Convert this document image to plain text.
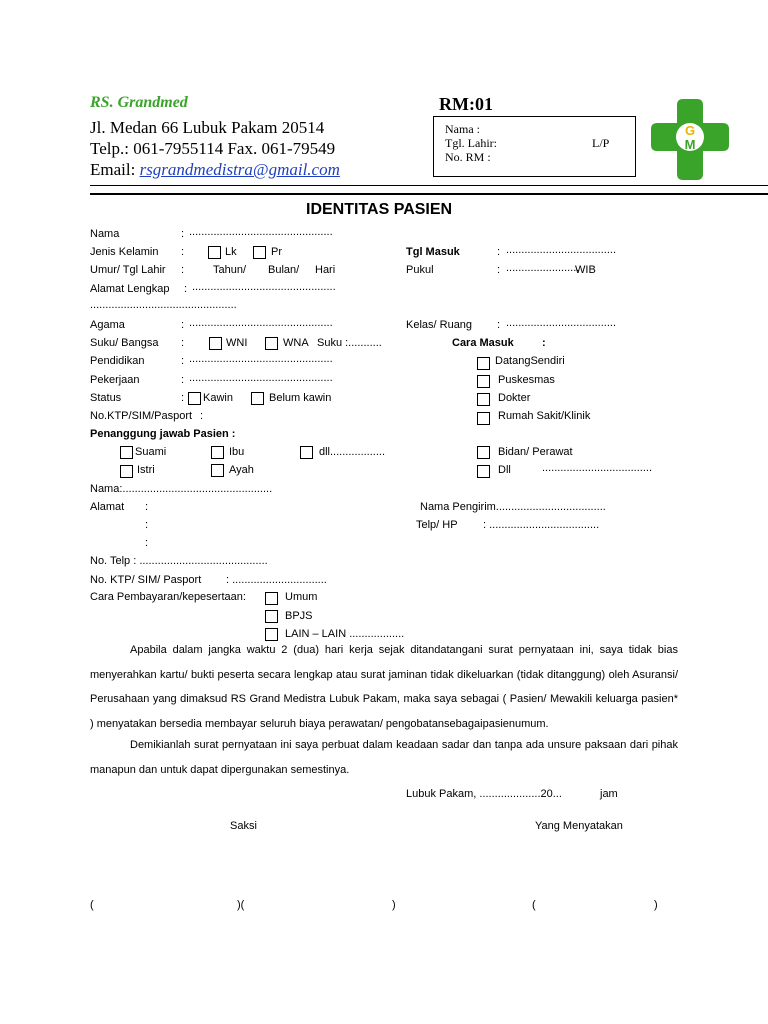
RS. Grandmed
Jl. Medan 66 Lubuk Pakam 20514
Telp.: 061-7955114 Fax. 061-79549
Email: rsgrandmedistra@gmail.com
RM:01
Nama :
Tgl. Lahir:	L/P
No. RM :
G
M
IDENTITAS PASIEN
Nama	: ...............................................
Jenis Kelamin :	Lk	Pr
Umur/ Tgl Lahir :	Tahun/ Bulan/ Hari
Alamat Lengkap : ...............................................
................................................
Agama	: ...............................................
Suku/ Bangsa :	WNI	WNA Suku :...........
Pendidikan	: ...............................................
Pekerjaan	: ...............................................
Status	: Kawin	Belum kawin
No.KTP/SIM/Pasport :
Tgl Masuk	: ....................................
Pukul	: ........................
WIB
Kelas/ Ruang : ....................................
Cara Masuk	:
DatangSendiri
Puskesmas
Dokter
Rumah Sakit/Klinik
Bidan/ Perawat
Dll	....................................
Penanggung jawab Pasien :
Suami	Ibu	dll..................
Istri	Ayah
Nama:.................................................
Alamat :
:
:
Nama Pengirim....................................
Telp/ HP : ....................................
No. Telp : ..........................................
No. KTP/ SIM/ Pasport : ...............................
Cara Pembayaran/kepesertaan:	Umum
BPJS
LAIN – LAIN ..................
Apabila dalam jangka waktu 2 (dua) hari kerja sejak ditandatangani surat pernyataan ini, saya tidak bias menyerahkan kartu/ bukti peserta secara lengkap atau surat jaminan tidak dikeluarkan (tidak ditanggung) oleh Asuransi/ Perusahaan yang dimaksud RS Grand Medistra Lubuk Pakam, maka saya sebagai ( Pasien/ Mewakili keluarga pasien* ) menyatakan bersedia membayar seluruh biaya perawatan/ pengobatansebagaipasienumum.
Demikianlah surat pernyataan ini saya perbuat dalam keadaan sadar dan tanpa ada unsure paksaan dari pihak manapun dan untuk dapat dipergunakan semestinya.
Lubuk Pakam, ....................20...	jam
Saksi	Yang Menyatakan
(	)(	)	(	)
